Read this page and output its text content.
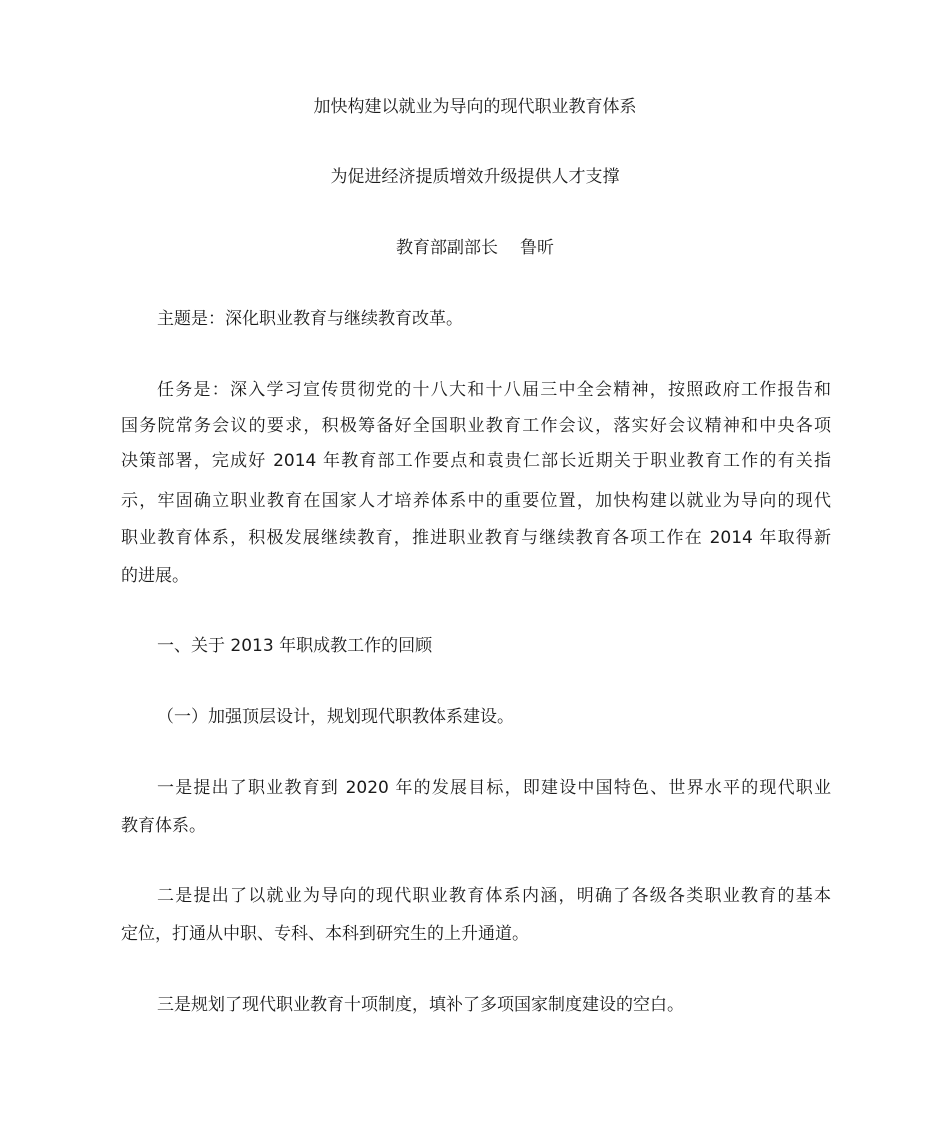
加快构建以就业为导向的现代职业教育体系
为促进经济提质增效升级提供人才支撑
教育部副部长 鲁昕
主题是：深化职业教育与继续教育改革。
任务是：深入学习宣传贯彻党的十八大和十八届三中全会精神，按照政府工作报告和
国务院常务会议的要求，积极筹备好全国职业教育工作会议，落实好会议精神和中央各项
决策部署，完成好 2014 年教育部工作要点和袁贵仁部长近期关于职业教育工作的有关指
示，牢固确立职业教育在国家人才培养体系中的重要位置，加快构建以就业为导向的现代
职业教育体系，积极发展继续教育，推进职业教育与继续教育各项工作在 2014 年取得新
的进展。
一、关于 2013 年职成教工作的回顾
（一）加强顶层设计，规划现代职教体系建设。
一是提出了职业教育到 2020 年的发展目标，即建设中国特色、世界水平的现代职业
教育体系。
二是提出了以就业为导向的现代职业教育体系内涵，明确了各级各类职业教育的基本
定位，打通从中职、专科、本科到研究生的上升通道。
三是规划了现代职业教育十项制度，填补了多项国家制度建设的空白。
